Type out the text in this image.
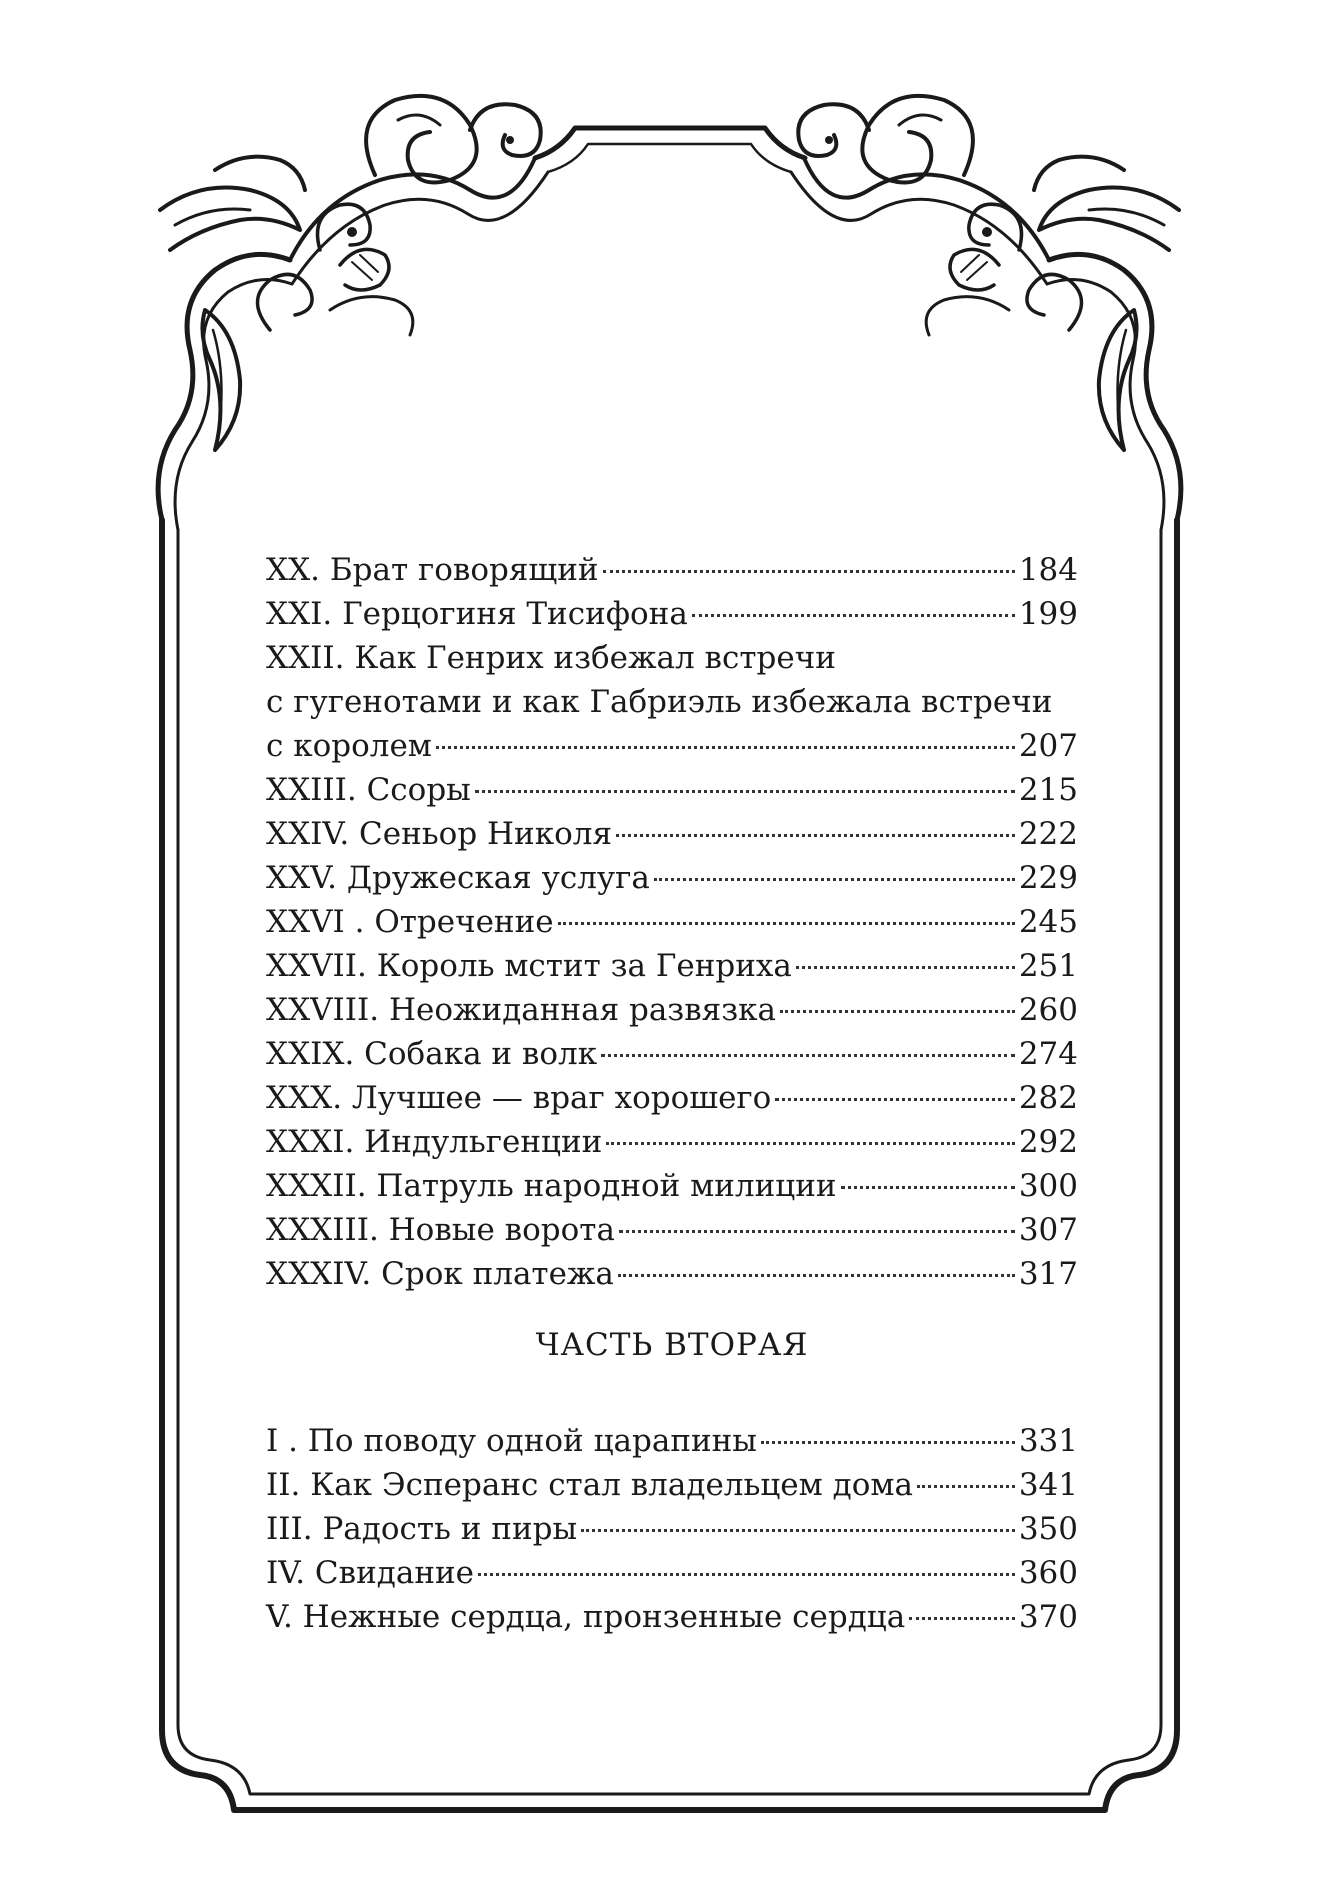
XX. Брат говорящий	184
XXI. Герцогиня Тисифона	199
XXII. Как Генрих избежал встречи
с гугенотами и как Габриэль избежала встречи
с королем	207
XXIII. Ссоры	215
XXIV. Сеньор Николя	222
XXV. Дружеская услуга	229
XXVI . Отречение	245
XXVII. Король мстит за Генриха	251
XXVIII. Неожиданная развязка	260
XXIX. Собака и волк	274
XXX. Лучшее — враг хорошего	282
XXXI. Индульгенции	292
XXXII. Патруль народной милиции	300
XXXIII. Новые ворота	307
XXXIV. Срок платежа	317
ЧАСТЬ ВТОРАЯ
I . По поводу одной царапины	331
II. Как Эсперанс стал владельцем дома	341
III. Радость и пиры	350
IV. Свидание	360
V. Нежные сердца, пронзенные сердца	370
